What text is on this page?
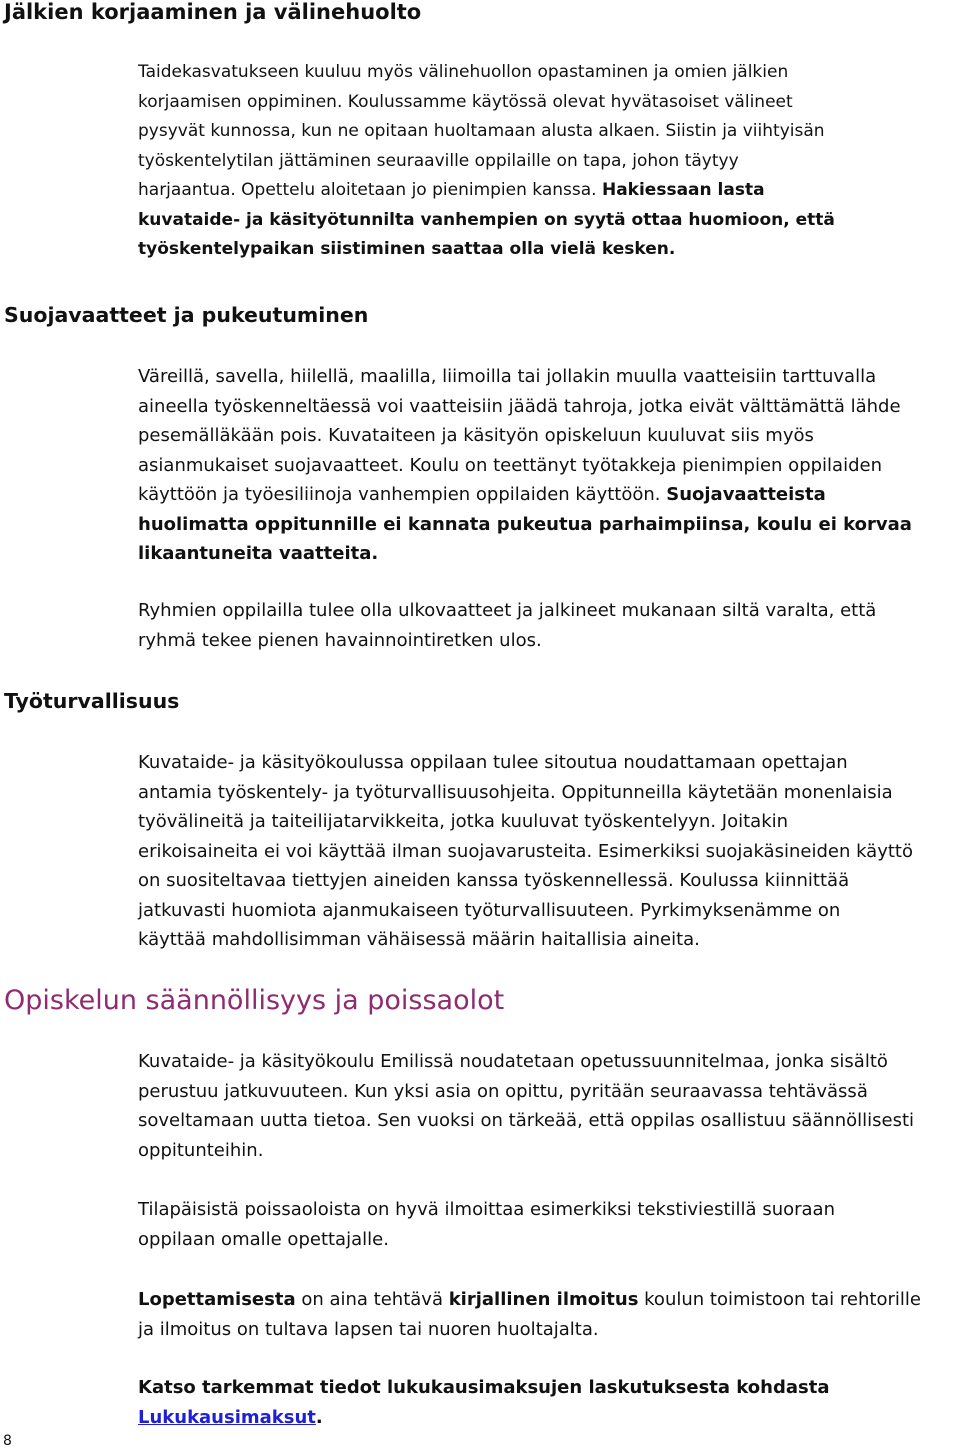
Jälkien korjaaminen ja välinehuolto
Taidekasvatukseen kuuluu myös välinehuollon opastaminen ja omien jälkien
korjaamisen oppiminen. Koulussamme käytössä olevat hyvätasoiset välineet
pysyvät kunnossa, kun ne opitaan huoltamaan alusta alkaen. Siistin ja viihtyisän
työskentelytilan jättäminen seuraaville oppilaille on tapa, johon täytyy
harjaantua. Opettelu aloitetaan jo pienimpien kanssa. Hakiessaan lasta
kuvataide- ja käsityötunnilta vanhempien on syytä ottaa huomioon, että
työskentelypaikan siistiminen saattaa olla vielä kesken.
Suojavaatteet ja pukeutuminen
Väreillä, savella, hiilellä, maalilla, liimoilla tai jollakin muulla vaatteisiin tarttuvalla
aineella työskenneltäessä voi vaatteisiin jäädä tahroja, jotka eivät välttämättä lähde
pesemälläkään pois. Kuvataiteen ja käsityön opiskeluun kuuluvat siis myös
asianmukaiset suojavaatteet. Koulu on teettänyt työtakkeja pienimpien oppilaiden
käyttöön ja työesiliinoja vanhempien oppilaiden käyttöön. Suojavaatteista
huolimatta oppitunnille ei kannata pukeutua parhaimpiinsa, koulu ei korvaa
likaantuneita vaatteita.
Ryhmien oppilailla tulee olla ulkovaatteet ja jalkineet mukanaan siltä varalta, että
ryhmä tekee pienen havainnointiretken ulos.
Työturvallisuus
Kuvataide- ja käsityökoulussa oppilaan tulee sitoutua noudattamaan opettajan
antamia työskentely- ja työturvallisuusohjeita. Oppitunneilla käytetään monenlaisia
työvälineitä ja taiteilijatarvikkeita, jotka kuuluvat työskentelyyn. Joitakin
erikoisaineita ei voi käyttää ilman suojavarusteita. Esimerkiksi suojakäsineiden käyttö
on suositeltavaa tiettyjen aineiden kanssa työskennellessä. Koulussa kiinnittää
jatkuvasti huomiota ajanmukaiseen työturvallisuuteen. Pyrkimyksenämme on
käyttää mahdollisimman vähäisessä määrin haitallisia aineita.
Opiskelun säännöllisyys ja poissaolot
Kuvataide- ja käsityökoulu Emilissä noudatetaan opetussuunnitelmaa, jonka sisältö
perustuu jatkuvuuteen. Kun yksi asia on opittu, pyritään seuraavassa tehtävässä
soveltamaan uutta tietoa. Sen vuoksi on tärkeää, että oppilas osallistuu säännöllisesti
oppitunteihin.
Tilapäisistä poissaoloista on hyvä ilmoittaa esimerkiksi tekstiviestillä suoraan
oppilaan omalle opettajalle.
Lopettamisesta on aina tehtävä kirjallinen ilmoitus koulun toimistoon tai rehtorille
ja ilmoitus on tultava lapsen tai nuoren huoltajalta.
Katso tarkemmat tiedot lukukausimaksujen laskutuksesta kohdasta
Lukukausimaksut.
8
